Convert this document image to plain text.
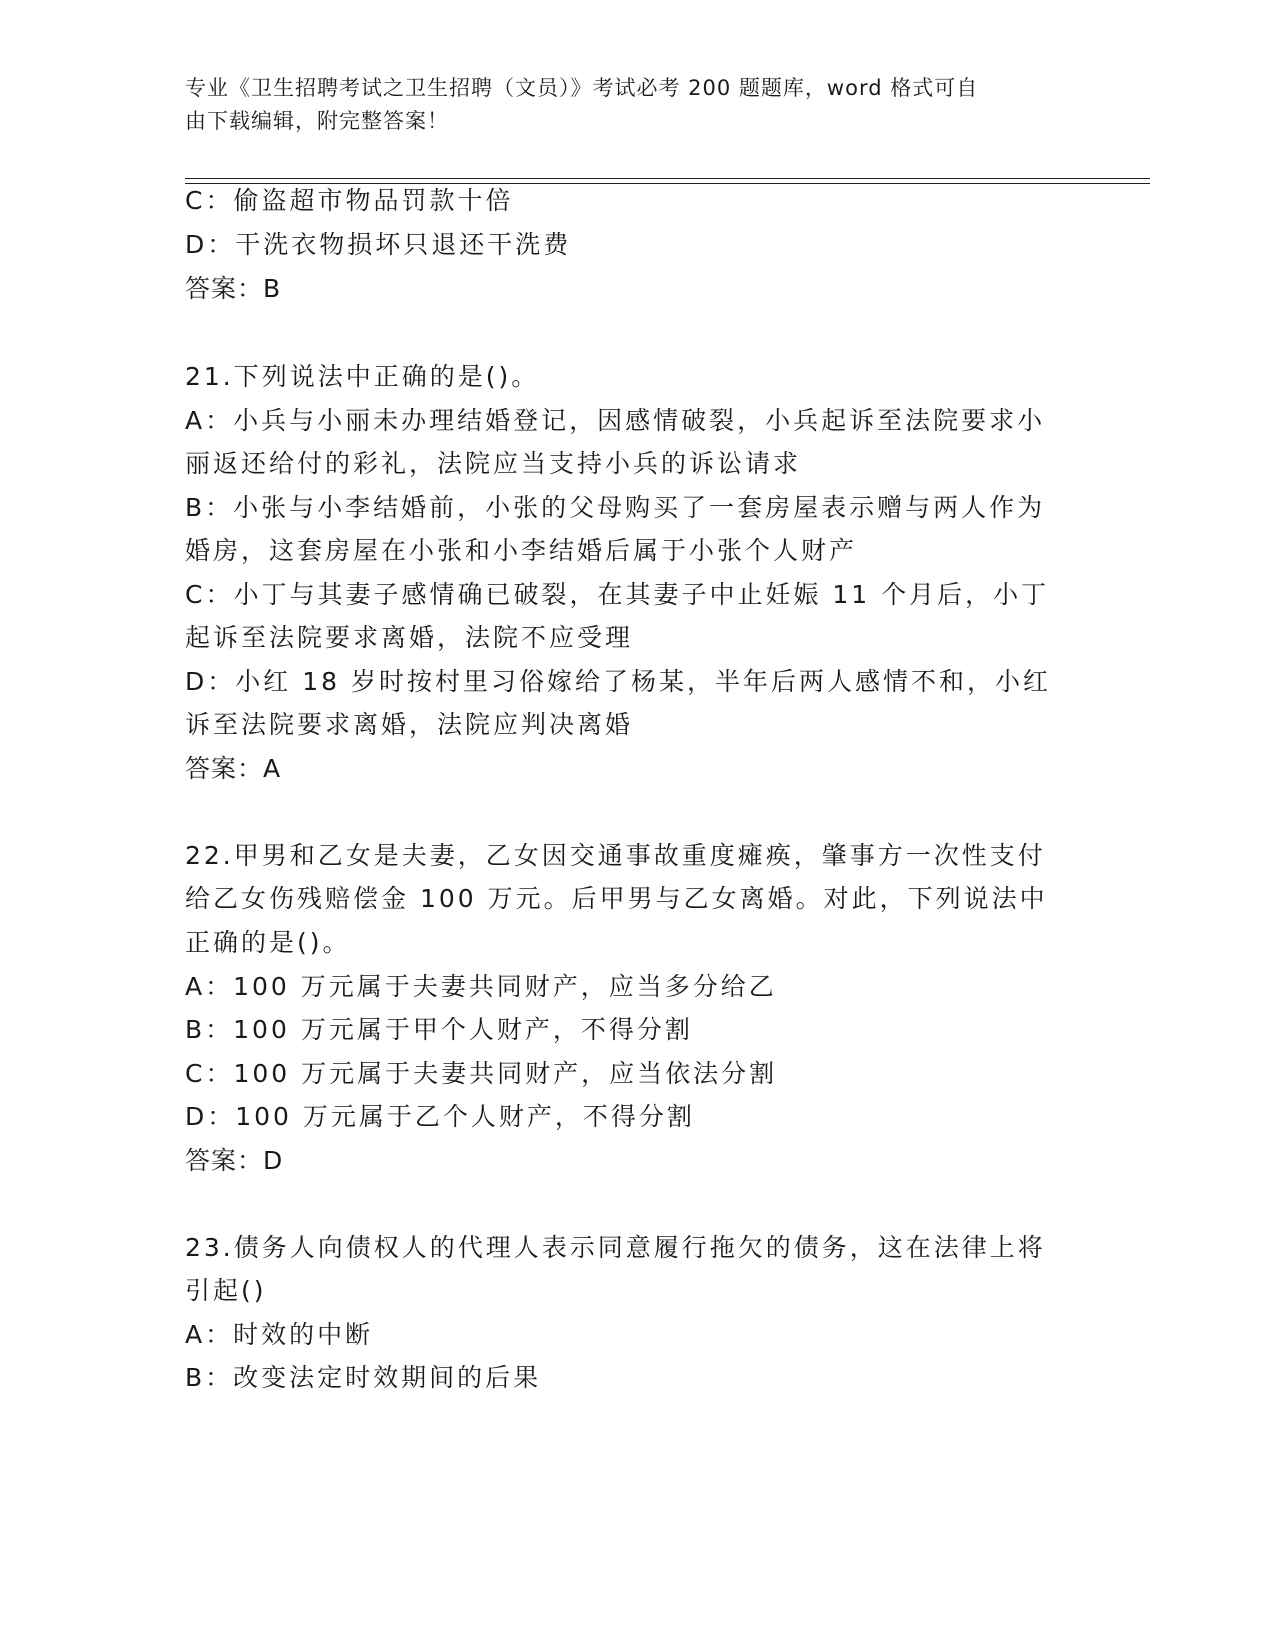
专业《卫生招聘考试之卫生招聘（文员）》考试必考 200 题题库，word 格式可自
由下载编辑，附完整答案！
C：偷盗超市物品罚款十倍
D：干洗衣物损坏只退还干洗费
答案：B
21.下列说法中正确的是()。
A：小兵与小丽未办理结婚登记，因感情破裂，小兵起诉至法院要求小
丽返还给付的彩礼，法院应当支持小兵的诉讼请求
B：小张与小李结婚前，小张的父母购买了一套房屋表示赠与两人作为
婚房，这套房屋在小张和小李结婚后属于小张个人财产
C：小丁与其妻子感情确已破裂，在其妻子中止妊娠 11 个月后，小丁
起诉至法院要求离婚，法院不应受理
D：小红 18 岁时按村里习俗嫁给了杨某，半年后两人感情不和，小红
诉至法院要求离婚，法院应判决离婚
答案：A
22.甲男和乙女是夫妻，乙女因交通事故重度瘫痪，肇事方一次性支付
给乙女伤残赔偿金 100 万元。后甲男与乙女离婚。对此，下列说法中
正确的是()。
A：100 万元属于夫妻共同财产，应当多分给乙
B：100 万元属于甲个人财产，不得分割
C：100 万元属于夫妻共同财产，应当依法分割
D：100 万元属于乙个人财产，不得分割
答案：D
23.债务人向债权人的代理人表示同意履行拖欠的债务，这在法律上将
引起()
A：时效的中断
B：改变法定时效期间的后果
